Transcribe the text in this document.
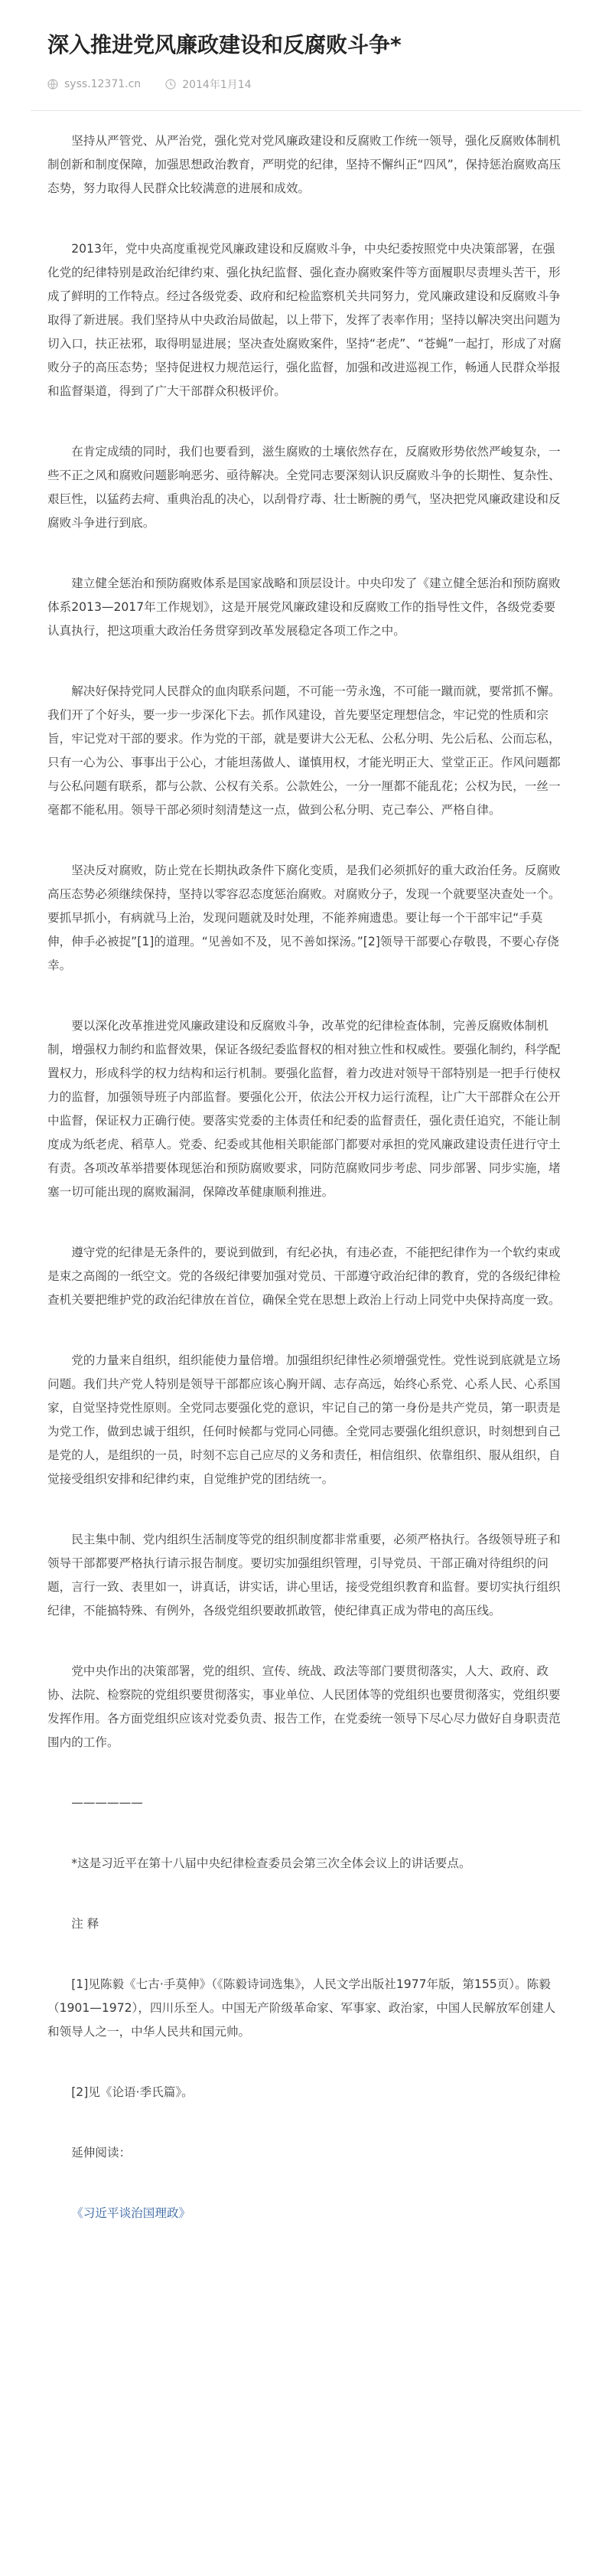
深入推进党风廉政建设和反腐败斗争*
syss.12371.cn	2014年1月14

坚持从严管党、从严治党，强化党对党风廉政建设和反腐败工作统一领导，强化反腐败体制机制创新和制度保障，加强思想政治教育，严明党的纪律，坚持不懈纠正“四风”，保持惩治腐败高压态势，努力取得人民群众比较满意的进展和成效。

2013年，党中央高度重视党风廉政建设和反腐败斗争，中央纪委按照党中央决策部署，在强化党的纪律特别是政治纪律约束、强化执纪监督、强化查办腐败案件等方面履职尽责埋头苦干，形成了鲜明的工作特点。经过各级党委、政府和纪检监察机关共同努力，党风廉政建设和反腐败斗争取得了新进展。我们坚持从中央政治局做起，以上带下，发挥了表率作用；坚持以解决突出问题为切入口，扶正祛邪，取得明显进展；坚决查处腐败案件，坚持“老虎”、“苍蝇”一起打，形成了对腐败分子的高压态势；坚持促进权力规范运行，强化监督，加强和改进巡视工作，畅通人民群众举报和监督渠道，得到了广大干部群众积极评价。

在肯定成绩的同时，我们也要看到，滋生腐败的土壤依然存在，反腐败形势依然严峻复杂，一些不正之风和腐败问题影响恶劣、亟待解决。全党同志要深刻认识反腐败斗争的长期性、复杂性、艰巨性，以猛药去疴、重典治乱的决心，以刮骨疗毒、壮士断腕的勇气，坚决把党风廉政建设和反腐败斗争进行到底。

建立健全惩治和预防腐败体系是国家战略和顶层设计。中央印发了《建立健全惩治和预防腐败体系2013—2017年工作规划》，这是开展党风廉政建设和反腐败工作的指导性文件，各级党委要认真执行，把这项重大政治任务贯穿到改革发展稳定各项工作之中。

解决好保持党同人民群众的血肉联系问题，不可能一劳永逸，不可能一蹴而就，要常抓不懈。我们开了个好头，要一步一步深化下去。抓作风建设，首先要坚定理想信念，牢记党的性质和宗旨，牢记党对干部的要求。作为党的干部，就是要讲大公无私、公私分明、先公后私、公而忘私，只有一心为公、事事出于公心，才能坦荡做人、谨慎用权，才能光明正大、堂堂正正。作风问题都与公私问题有联系，都与公款、公权有关系。公款姓公，一分一厘都不能乱花；公权为民，一丝一毫都不能私用。领导干部必须时刻清楚这一点，做到公私分明、克己奉公、严格自律。

坚决反对腐败，防止党在长期执政条件下腐化变质，是我们必须抓好的重大政治任务。反腐败高压态势必须继续保持，坚持以零容忍态度惩治腐败。对腐败分子，发现一个就要坚决查处一个。要抓早抓小，有病就马上治，发现问题就及时处理，不能养痈遗患。要让每一个干部牢记“手莫伸，伸手必被捉”[1]的道理。“见善如不及，见不善如探汤。”[2]领导干部要心存敬畏，不要心存侥幸。

要以深化改革推进党风廉政建设和反腐败斗争，改革党的纪律检查体制，完善反腐败体制机制，增强权力制约和监督效果，保证各级纪委监督权的相对独立性和权威性。要强化制约，科学配置权力，形成科学的权力结构和运行机制。要强化监督，着力改进对领导干部特别是一把手行使权力的监督，加强领导班子内部监督。要强化公开，依法公开权力运行流程，让广大干部群众在公开中监督，保证权力正确行使。要落实党委的主体责任和纪委的监督责任，强化责任追究，不能让制度成为纸老虎、稻草人。党委、纪委或其他相关职能部门都要对承担的党风廉政建设责任进行守土有责。各项改革举措要体现惩治和预防腐败要求，同防范腐败同步考虑、同步部署、同步实施，堵塞一切可能出现的腐败漏洞，保障改革健康顺利推进。

遵守党的纪律是无条件的，要说到做到，有纪必执，有违必查，不能把纪律作为一个软约束或是束之高阁的一纸空文。党的各级纪律要加强对党员、干部遵守政治纪律的教育，党的各级纪律检查机关要把维护党的政治纪律放在首位，确保全党在思想上政治上行动上同党中央保持高度一致。

党的力量来自组织，组织能使力量倍增。加强组织纪律性必须增强党性。党性说到底就是立场问题。我们共产党人特别是领导干部都应该心胸开阔、志存高远，始终心系党、心系人民、心系国家，自觉坚持党性原则。全党同志要强化党的意识，牢记自己的第一身份是共产党员，第一职责是为党工作，做到忠诚于组织，任何时候都与党同心同德。全党同志要强化组织意识，时刻想到自己是党的人，是组织的一员，时刻不忘自己应尽的义务和责任，相信组织、依靠组织、服从组织，自觉接受组织安排和纪律约束，自觉维护党的团结统一。

民主集中制、党内组织生活制度等党的组织制度都非常重要，必须严格执行。各级领导班子和领导干部都要严格执行请示报告制度。要切实加强组织管理，引导党员、干部正确对待组织的问题，言行一致、表里如一，讲真话，讲实话，讲心里话，接受党组织教育和监督。要切实执行组织纪律，不能搞特殊、有例外，各级党组织要敢抓敢管，使纪律真正成为带电的高压线。

党中央作出的决策部署，党的组织、宣传、统战、政法等部门要贯彻落实，人大、政府、政协、法院、检察院的党组织要贯彻落实，事业单位、人民团体等的党组织也要贯彻落实，党组织要发挥作用。各方面党组织应该对党委负责、报告工作，在党委统一领导下尽心尽力做好自身职责范围内的工作。

——————

*这是习近平在第十八届中央纪律检查委员会第三次全体会议上的讲话要点。

注 释

[1]见陈毅《七古·手莫伸》（《陈毅诗词选集》，人民文学出版社1977年版，第155页）。陈毅（1901—1972），四川乐至人。中国无产阶级革命家、军事家、政治家，中国人民解放军创建人和领导人之一，中华人民共和国元帅。

[2]见《论语·季氏篇》。

延伸阅读：

《习近平谈治国理政》
